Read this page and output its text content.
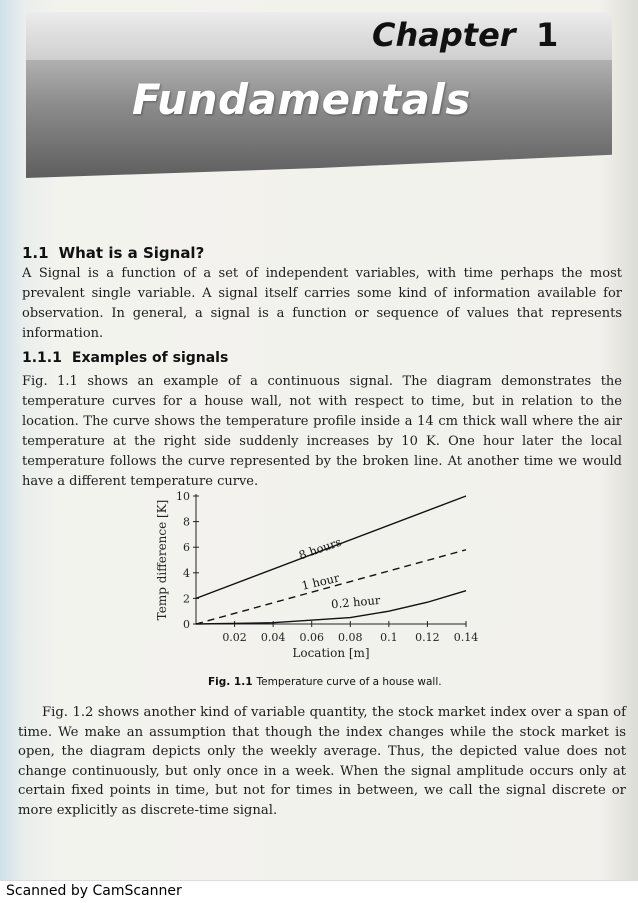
Chapter 1
Fundamentals
1.1 What is a Signal?

A Signal is a function of a set of independent variables, with time perhaps the most prevalent single variable. A signal itself carries some kind of information available for observation. In general, a signal is a function or sequence of values that represents information.

1.1.1 Examples of signals

Fig. 1.1 shows an example of a continuous signal. The diagram demonstrates the temperature curves for a house wall, not with respect to time, but in relation to the location. The curve shows the temperature profile inside a 14 cm thick wall where the air temperature at the right side suddenly increases by 10 K. One hour later the local temperature follows the curve represented by the broken line. At another time we would have a different temperature curve.

0
2
4
6
8
10
0.02 0.04 0.06 0.08 0.1 0.12 0.14
Location [m]
Temp difference [K]	8 hours
1 hour
0.2 hour
Fig. 1.1 Temperature curve of a house wall.

Fig. 1.2 shows another kind of variable quantity, the stock market index over a span of time. We make an assumption that though the index changes while the stock market is open, the diagram depicts only the weekly average. Thus, the depicted value does not change continuously, but only once in a week. When the signal amplitude occurs only at certain fixed points in time, but not for times in between, we call the signal discrete or more explicitly as discrete-time signal.

Scanned by CamScanner
